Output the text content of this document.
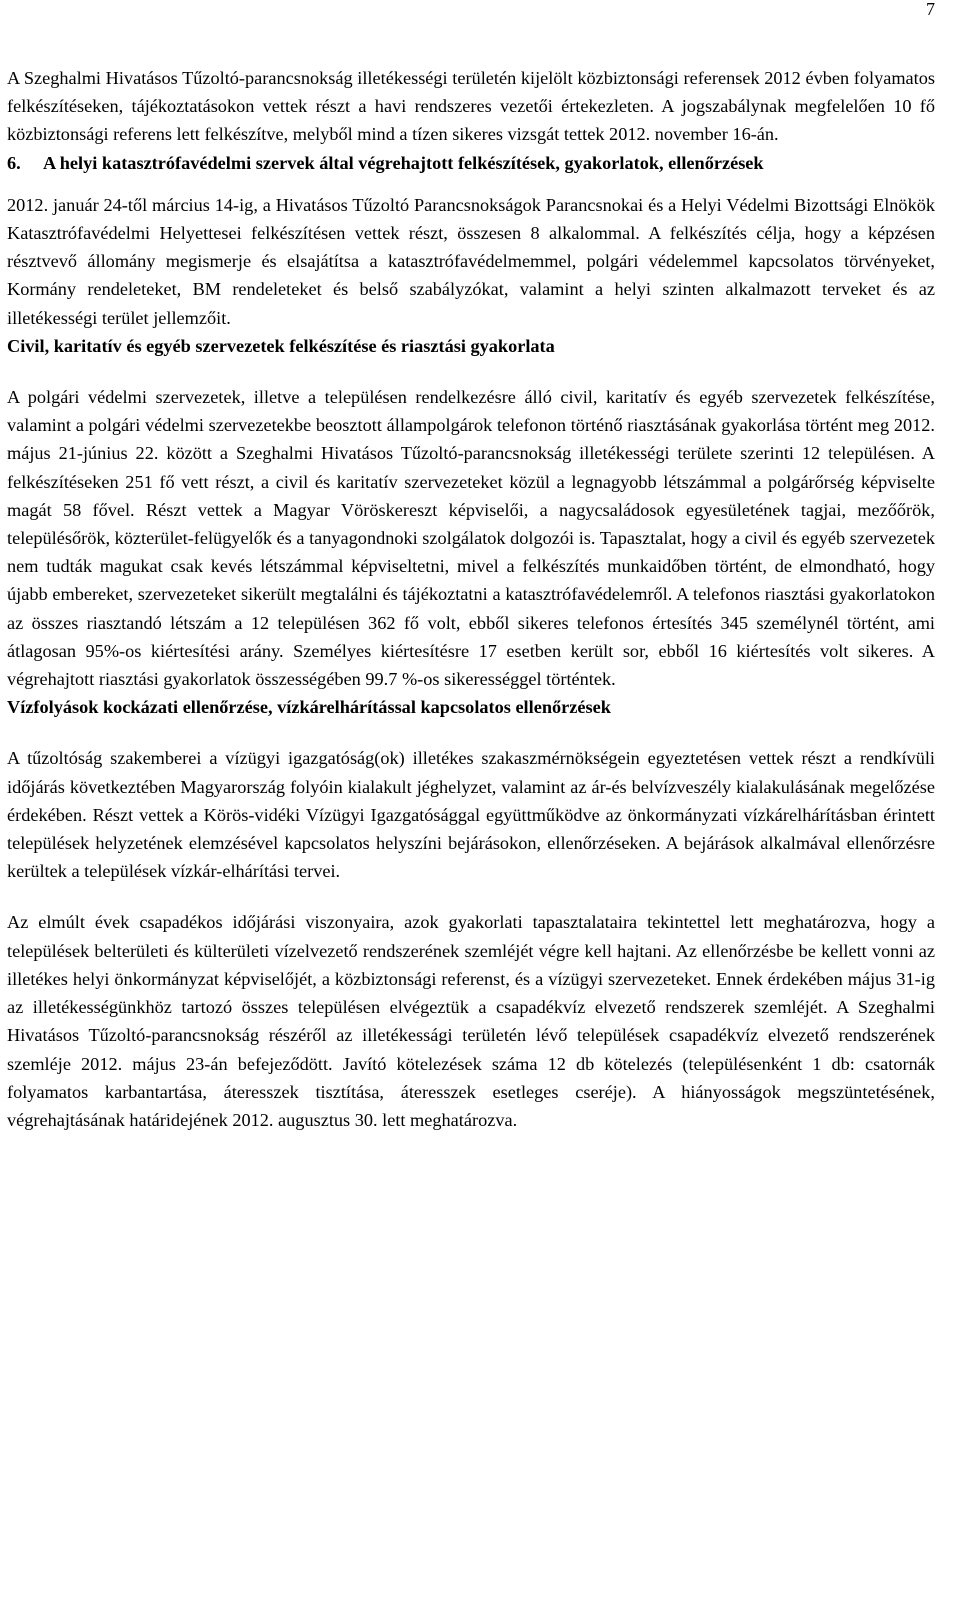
7

A Szeghalmi Hivatásos Tűzoltó-parancsnokság illetékességi területén kijelölt közbiztonsági referensek 2012 évben folyamatos felkészítéseken, tájékoztatásokon vettek részt a havi rendszeres vezetői értekezleten. A jogszabálynak megfelelően 10 fő közbiztonsági referens lett felkészítve, melyből mind a tízen sikeres vizsgát tettek 2012. november 16-án.

6.	A helyi katasztrófavédelmi szervek által végrehajtott felkészítések, gyakorlatok, ellenőrzések

2012. január 24-től március 14-ig, a Hivatásos Tűzoltó Parancsnokságok Parancsnokai és a Helyi Védelmi Bizottsági Elnökök Katasztrófavédelmi Helyettesei felkészítésen vettek részt, összesen 8 alkalommal. A felkészítés célja, hogy a képzésen résztvevő állomány megismerje és elsajátítsa a katasztrófavédelmemmel, polgári védelemmel kapcsolatos törvényeket, Kormány rendeleteket, BM rendeleteket és belső szabályzókat, valamint a helyi szinten alkalmazott terveket és az illetékességi terület jellemzőit.

Civil, karitatív és egyéb szervezetek felkészítése és riasztási gyakorlata

A polgári védelmi szervezetek, illetve a településen rendelkezésre álló civil, karitatív és egyéb szervezetek felkészítése, valamint a polgári védelmi szervezetekbe beosztott állampolgárok telefonon történő riasztásának gyakorlása történt meg 2012. május 21-június 22. között a Szeghalmi Hivatásos Tűzoltó-parancsnokság illetékességi területe szerinti 12 településen. A felkészítéseken 251 fő vett részt, a civil és karitatív szervezeteket közül a legnagyobb létszámmal a polgárőrség képviselte magát 58 fővel. Részt vettek a Magyar Vöröskereszt képviselői, a nagycsaládosok egyesületének tagjai, mezőőrök, településőrök, közterület-felügyelők és a tanyagondnoki szolgálatok dolgozói is. Tapasztalat, hogy a civil és egyéb szervezetek nem tudták magukat csak kevés létszámmal képviseltetni, mivel a felkészítés munkaidőben történt, de elmondható, hogy újabb embereket, szervezeteket sikerült megtalálni és tájékoztatni a katasztrófavédelemről. A telefonos riasztási gyakorlatokon az összes riasztandó létszám a 12 településen 362 fő volt, ebből sikeres telefonos értesítés 345 személynél történt, ami átlagosan 95%-os kiértesítési arány. Személyes kiértesítésre 17 esetben került sor, ebből 16 kiértesítés volt sikeres. A végrehajtott riasztási gyakorlatok összességében 99.7 %-os sikerességgel történtek.

Vízfolyások kockázati ellenőrzése, vízkárelhárítással kapcsolatos ellenőrzések

A tűzoltóság szakemberei a vízügyi igazgatóság(ok) illetékes szakaszmérnökségein egyeztetésen vettek részt a rendkívüli időjárás következtében Magyarország folyóin kialakult jéghelyzet, valamint az ár-és belvízveszély kialakulásának megelőzése érdekében. Részt vettek a Körös-vidéki Vízügyi Igazgatósággal együttműködve az önkormányzati vízkárelhárításban érintett települések helyzetének elemzésével kapcsolatos helyszíni bejárásokon, ellenőrzéseken. A bejárások alkalmával ellenőrzésre kerültek a települések vízkár-elhárítási tervei.

Az elmúlt évek csapadékos időjárási viszonyaira, azok gyakorlati tapasztalataira tekintettel lett meghatározva, hogy a települések belterületi és külterületi vízelvezető rendszerének szemléjét végre kell hajtani. Az ellenőrzésbe be kellett vonni az illetékes helyi önkormányzat képviselőjét, a közbiztonsági referenst, és a vízügyi szervezeteket. Ennek érdekében május 31-ig az illetékességünkhöz tartozó összes településen elvégeztük a csapadékvíz elvezető rendszerek szemléjét. A Szeghalmi Hivatásos Tűzoltó-parancsnokság részéről az illetékessági területén lévő települések csapadékvíz elvezető rendszerének szemléje 2012. május 23-án befejeződött. Javító kötelezések száma 12 db kötelezés (településenként 1 db: csatornák folyamatos karbantartása, áteresszek tisztítása, áteresszek esetleges cseréje). A hiányosságok megszüntetésének, végrehajtásának határidejének 2012. augusztus 30. lett meghatározva.
